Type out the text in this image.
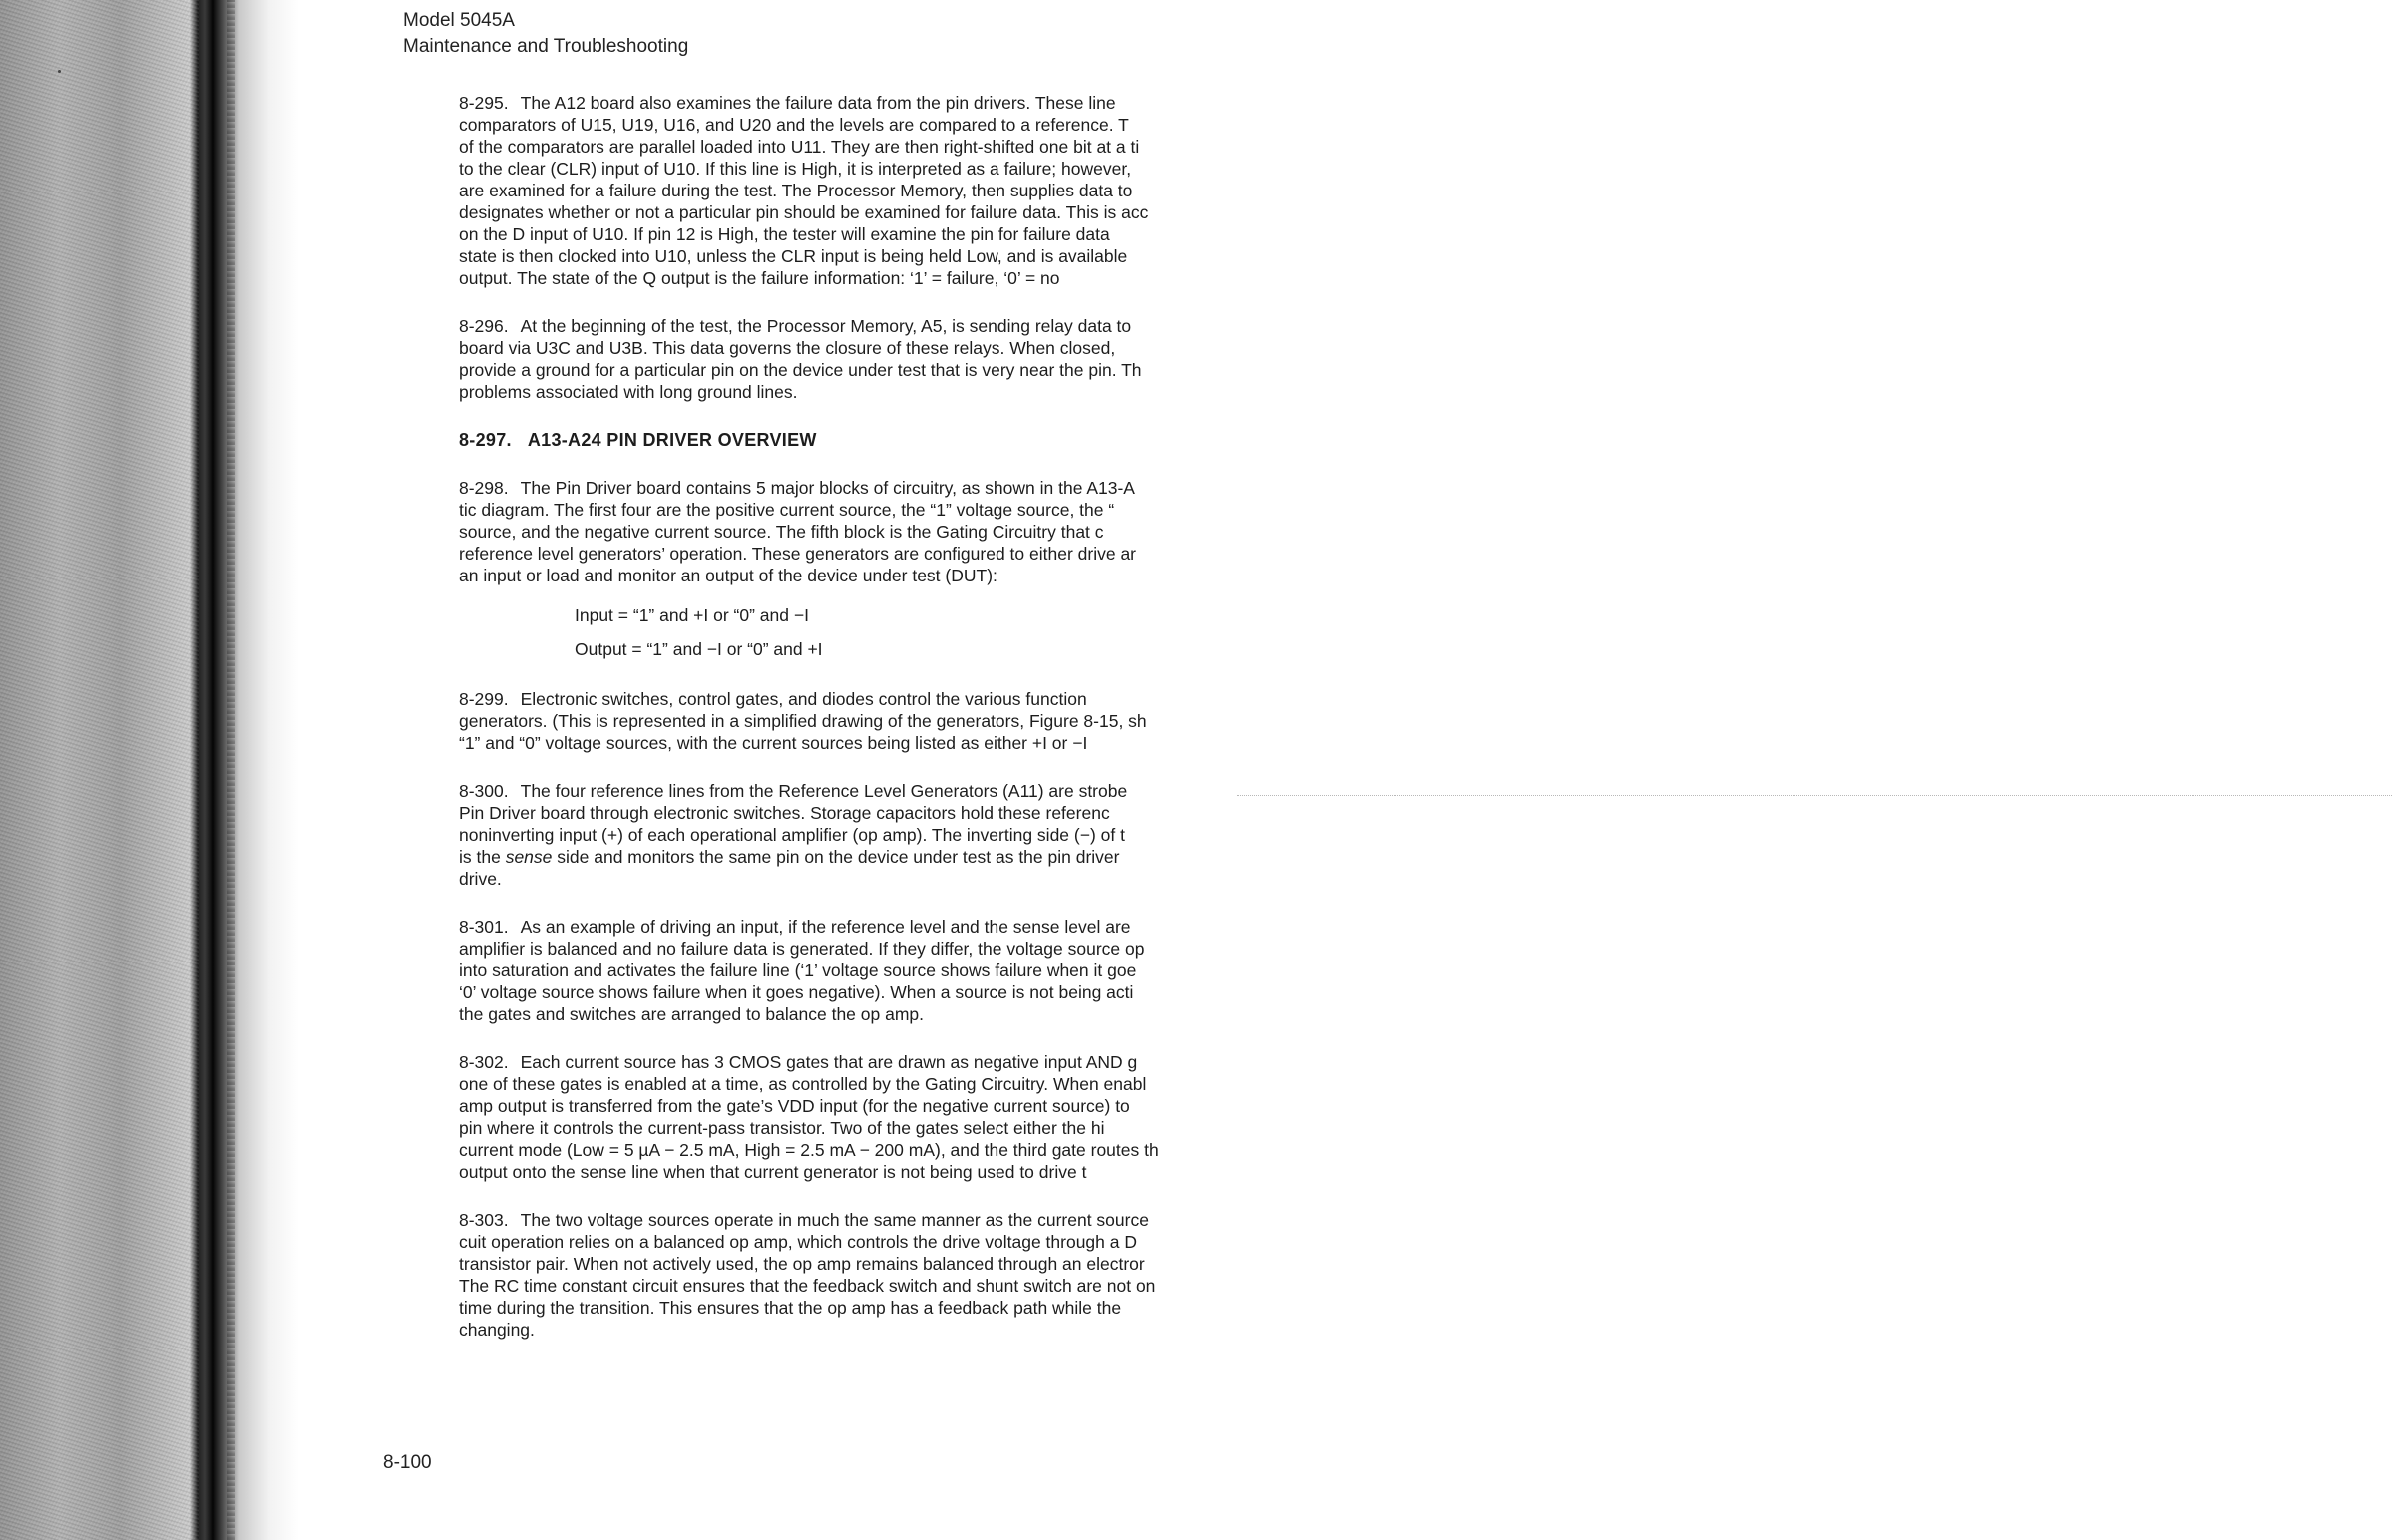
Model 5045A
Maintenance and Troubleshooting
8-295. The A12 board also examines the failure data from the pin drivers. These line
comparators of U15, U19, U16, and U20 and the levels are compared to a reference. T
of the comparators are parallel loaded into U11. They are then right-shifted one bit at a ti
to the clear (CLR) input of U10. If this line is High, it is interpreted as a failure; however,
are examined for a failure during the test. The Processor Memory, then supplies data to
designates whether or not a particular pin should be examined for failure data. This is acc
on the D input of U10. If pin 12 is High, the tester will examine the pin for failure data
state is then clocked into U10, unless the CLR input is being held Low, and is available
output. The state of the Q output is the failure information: ‘1’ = failure, ‘0’ = no
8-296. At the beginning of the test, the Processor Memory, A5, is sending relay data to
board via U3C and U3B. This data governs the closure of these relays. When closed,
provide a ground for a particular pin on the device under test that is very near the pin. Th
problems associated with long ground lines.
8-297. A13-A24 PIN DRIVER OVERVIEW
8-298. The Pin Driver board contains 5 major blocks of circuitry, as shown in the A13-A
tic diagram. The first four are the positive current source, the “1” voltage source, the “
source, and the negative current source. The fifth block is the Gating Circuitry that c
reference level generators’ operation. These generators are configured to either drive ar
an input or load and monitor an output of the device under test (DUT):
Input = “1” and +I or “0” and −I
Output = “1” and −I or “0” and +I
8-299. Electronic switches, control gates, and diodes control the various function
generators. (This is represented in a simplified drawing of the generators, Figure 8-15, sh
“1” and “0” voltage sources, with the current sources being listed as either +I or −I
8-300. The four reference lines from the Reference Level Generators (A11) are strobe
Pin Driver board through electronic switches. Storage capacitors hold these referenc
noninverting input (+) of each operational amplifier (op amp). The inverting side (−) of t
is the sense side and monitors the same pin on the device under test as the pin driver
drive.
8-301. As an example of driving an input, if the reference level and the sense level are
amplifier is balanced and no failure data is generated. If they differ, the voltage source op
into saturation and activates the failure line (‘1’ voltage source shows failure when it goe
‘0’ voltage source shows failure when it goes negative). When a source is not being acti
the gates and switches are arranged to balance the op amp.
8-302. Each current source has 3 CMOS gates that are drawn as negative input AND g
one of these gates is enabled at a time, as controlled by the Gating Circuitry. When enabl
amp output is transferred from the gate’s VDD input (for the negative current source) to
pin where it controls the current-pass transistor. Two of the gates select either the hi
current mode (Low = 5 µA − 2.5 mA, High = 2.5 mA − 200 mA), and the third gate routes th
output onto the sense line when that current generator is not being used to drive t
8-303. The two voltage sources operate in much the same manner as the current source
cuit operation relies on a balanced op amp, which controls the drive voltage through a D
transistor pair. When not actively used, the op amp remains balanced through an electror
The RC time constant circuit ensures that the feedback switch and shunt switch are not on
time during the transition. This ensures that the op amp has a feedback path while the
changing.
8-100
